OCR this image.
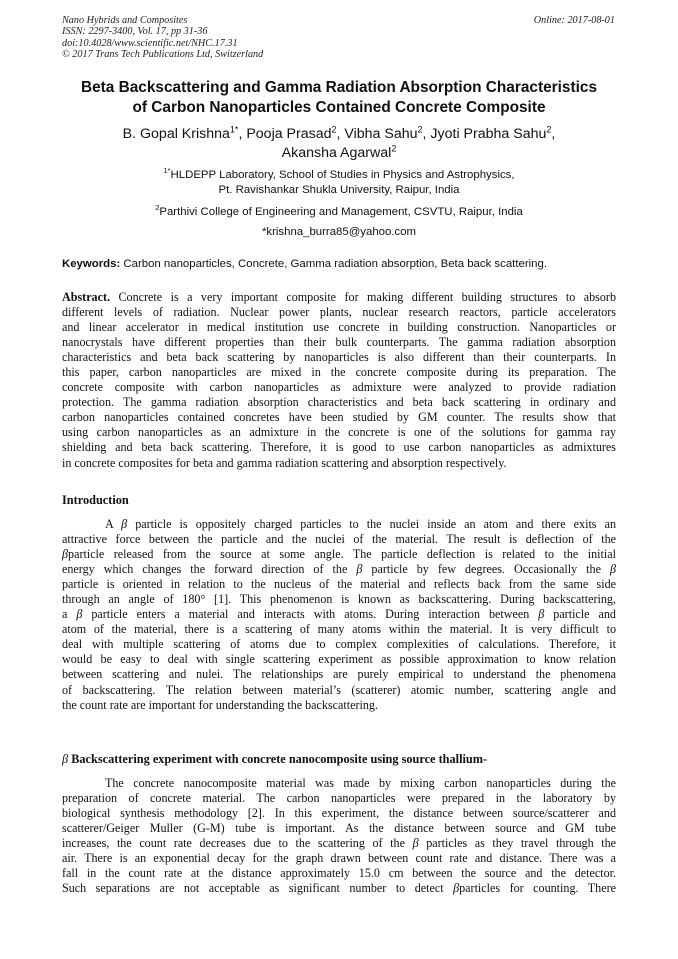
Nano Hybrids and Composites
ISSN: 2297-3400, Vol. 17, pp 31-36
doi:10.4028/www.scientific.net/NHC.17.31
© 2017 Trans Tech Publications Ltd, Switzerland
Online: 2017-08-01
Beta Backscattering and Gamma Radiation Absorption Characteristics
of Carbon Nanoparticles Contained Concrete Composite
B. Gopal Krishna$^{1*}$, Pooja Prasad$^2$, Vibha Sahu$^2$, Jyoti Prabha Sahu$^2$,
Akansha Agarwal$^2$
$^{1*}$HLDEPP Laboratory, School of Studies in Physics and Astrophysics,
Pt. Ravishankar Shukla University, Raipur, India
$^2$Parthivi College of Engineering and Management, CSVTU, Raipur, India
*krishna_burra85@yahoo.com
Keywords: Carbon nanoparticles, Concrete, Gamma radiation absorption, Beta back scattering.
Abstract. Concrete is a very important composite for making different building structures to absorb
different levels of radiation. Nuclear power plants, nuclear research reactors, particle accelerators
and linear accelerator in medical institution use concrete in building construction. Nanoparticles or
nanocrystals have different properties than their bulk counterparts. The gamma radiation absorption
characteristics and beta back scattering by nanoparticles is also different than their counterparts. In
this paper, carbon nanoparticles are mixed in the concrete composite during its preparation. The
concrete composite with carbon nanoparticles as admixture were analyzed to provide radiation
protection. The gamma radiation absorption characteristics and beta back scattering in ordinary and
carbon nanoparticles contained concretes have been studied by GM counter. The results show that
using carbon nanoparticles as an admixture in the concrete is one of the solutions for gamma ray
shielding and beta back scattering. Therefore, it is good to use carbon nanoparticles as admixtures
in concrete composites for beta and gamma radiation scattering and absorption respectively.
Introduction
A β particle is oppositely charged particles to the nuclei inside an atom and there exits an
attractive force between the particle and the nuclei of the material. The result is deflection of the
βparticle released from the source at some angle. The particle deflection is related to the initial
energy which changes the forward direction of the β particle by few degrees. Occasionally the β
particle is oriented in relation to the nucleus of the material and reflects back from the same side
through an angle of 180° [1]. This phenomenon is known as backscattering. During backscattering,
a β particle enters a material and interacts with atoms. During interaction between β particle and
atom of the material, there is a scattering of many atoms within the material. It is very difficult to
deal with multiple scattering of atoms due to complex complexities of calculations. Therefore, it
would be easy to deal with single scattering experiment as possible approximation to know relation
between scattering and nulei. The relationships are purely empirical to understand the phenomena
of backscattering. The relation between material’s (scatterer) atomic number, scattering angle and
the count rate are important for understanding the backscattering.
β Backscattering experiment with concrete nanocomposite using source thallium-
The concrete nanocomposite material was made by mixing carbon nanoparticles during the
preparation of concrete material. The carbon nanoparticles were prepared in the laboratory by
biological synthesis methodology [2]. In this experiment, the distance between source/scatterer and
scatterer/Geiger Muller (G-M) tube is important. As the distance between source and GM tube
increases, the count rate decreases due to the scattering of the β particles as they travel through the
air. There is an exponential decay for the graph drawn between count rate and distance. There was a
fall in the count rate at the distance approximately 15.0 cm between the source and the detector.
Such separations are not acceptable as significant number to detect βparticles for counting. There
